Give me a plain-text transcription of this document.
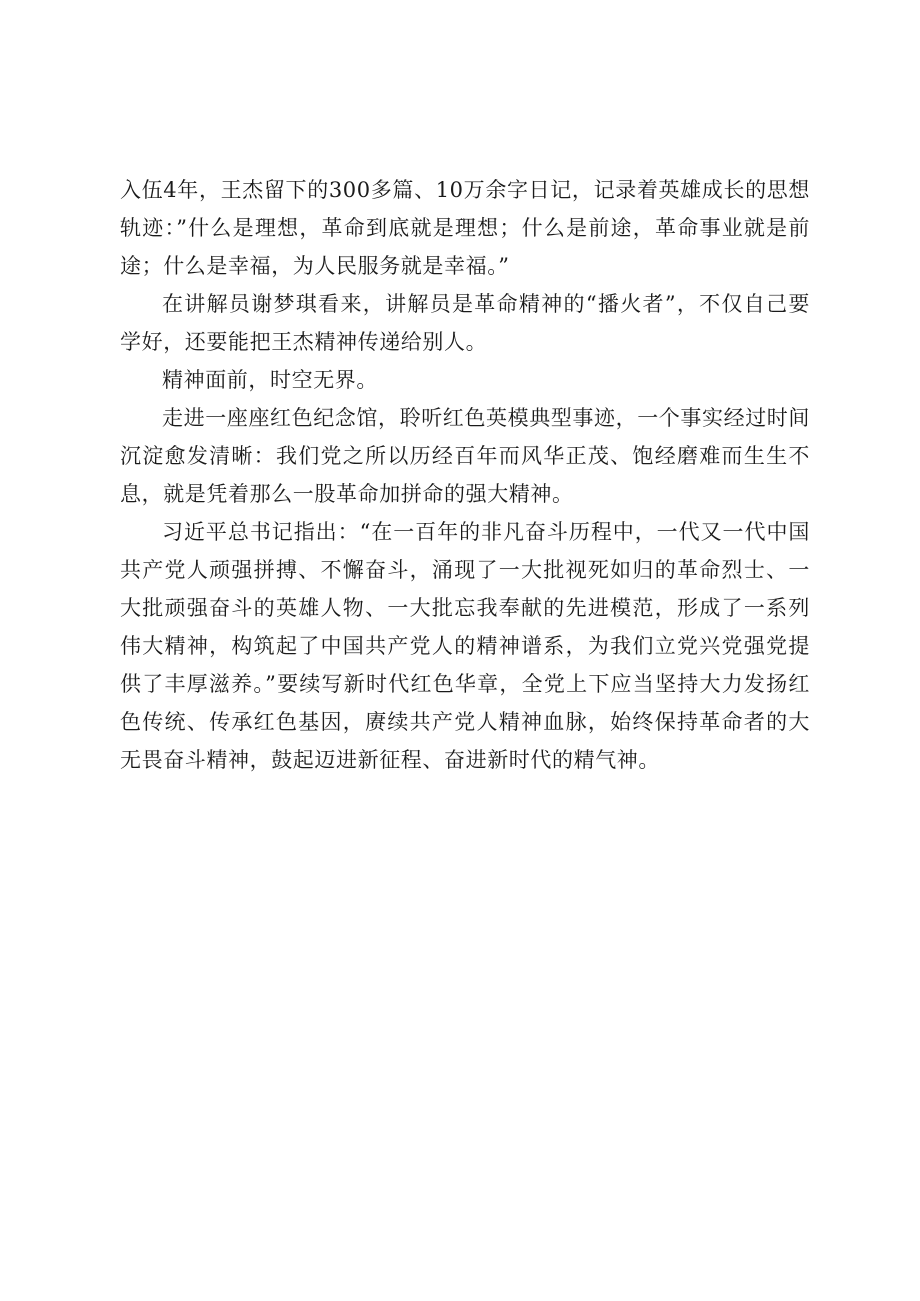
入伍4年，王杰留下的300多篇、10万余字日记，记录着英雄成长的思想轨迹：”什么是理想，革命到底就是理想；什么是前途，革命事业就是前途；什么是幸福，为人民服务就是幸福。”

在讲解员谢梦琪看来，讲解员是革命精神的“播火者”，不仅自己要学好，还要能把王杰精神传递给别人。

精神面前，时空无界。

走进一座座红色纪念馆，聆听红色英模典型事迹，一个事实经过时间沉淀愈发清晰：我们党之所以历经百年而风华正茂、饱经磨难而生生不息，就是凭着那么一股革命加拼命的强大精神。

习近平总书记指出：“在一百年的非凡奋斗历程中，一代又一代中国共产党人顽强拼搏、不懈奋斗，涌现了一大批视死如归的革命烈士、一大批顽强奋斗的英雄人物、一大批忘我奉献的先进模范，形成了一系列伟大精神，构筑起了中国共产党人的精神谱系，为我们立党兴党强党提供了丰厚滋养。”要续写新时代红色华章，全党上下应当坚持大力发扬红色传统、传承红色基因，赓续共产党人精神血脉，始终保持革命者的大无畏奋斗精神，鼓起迈进新征程、奋进新时代的精气神。
